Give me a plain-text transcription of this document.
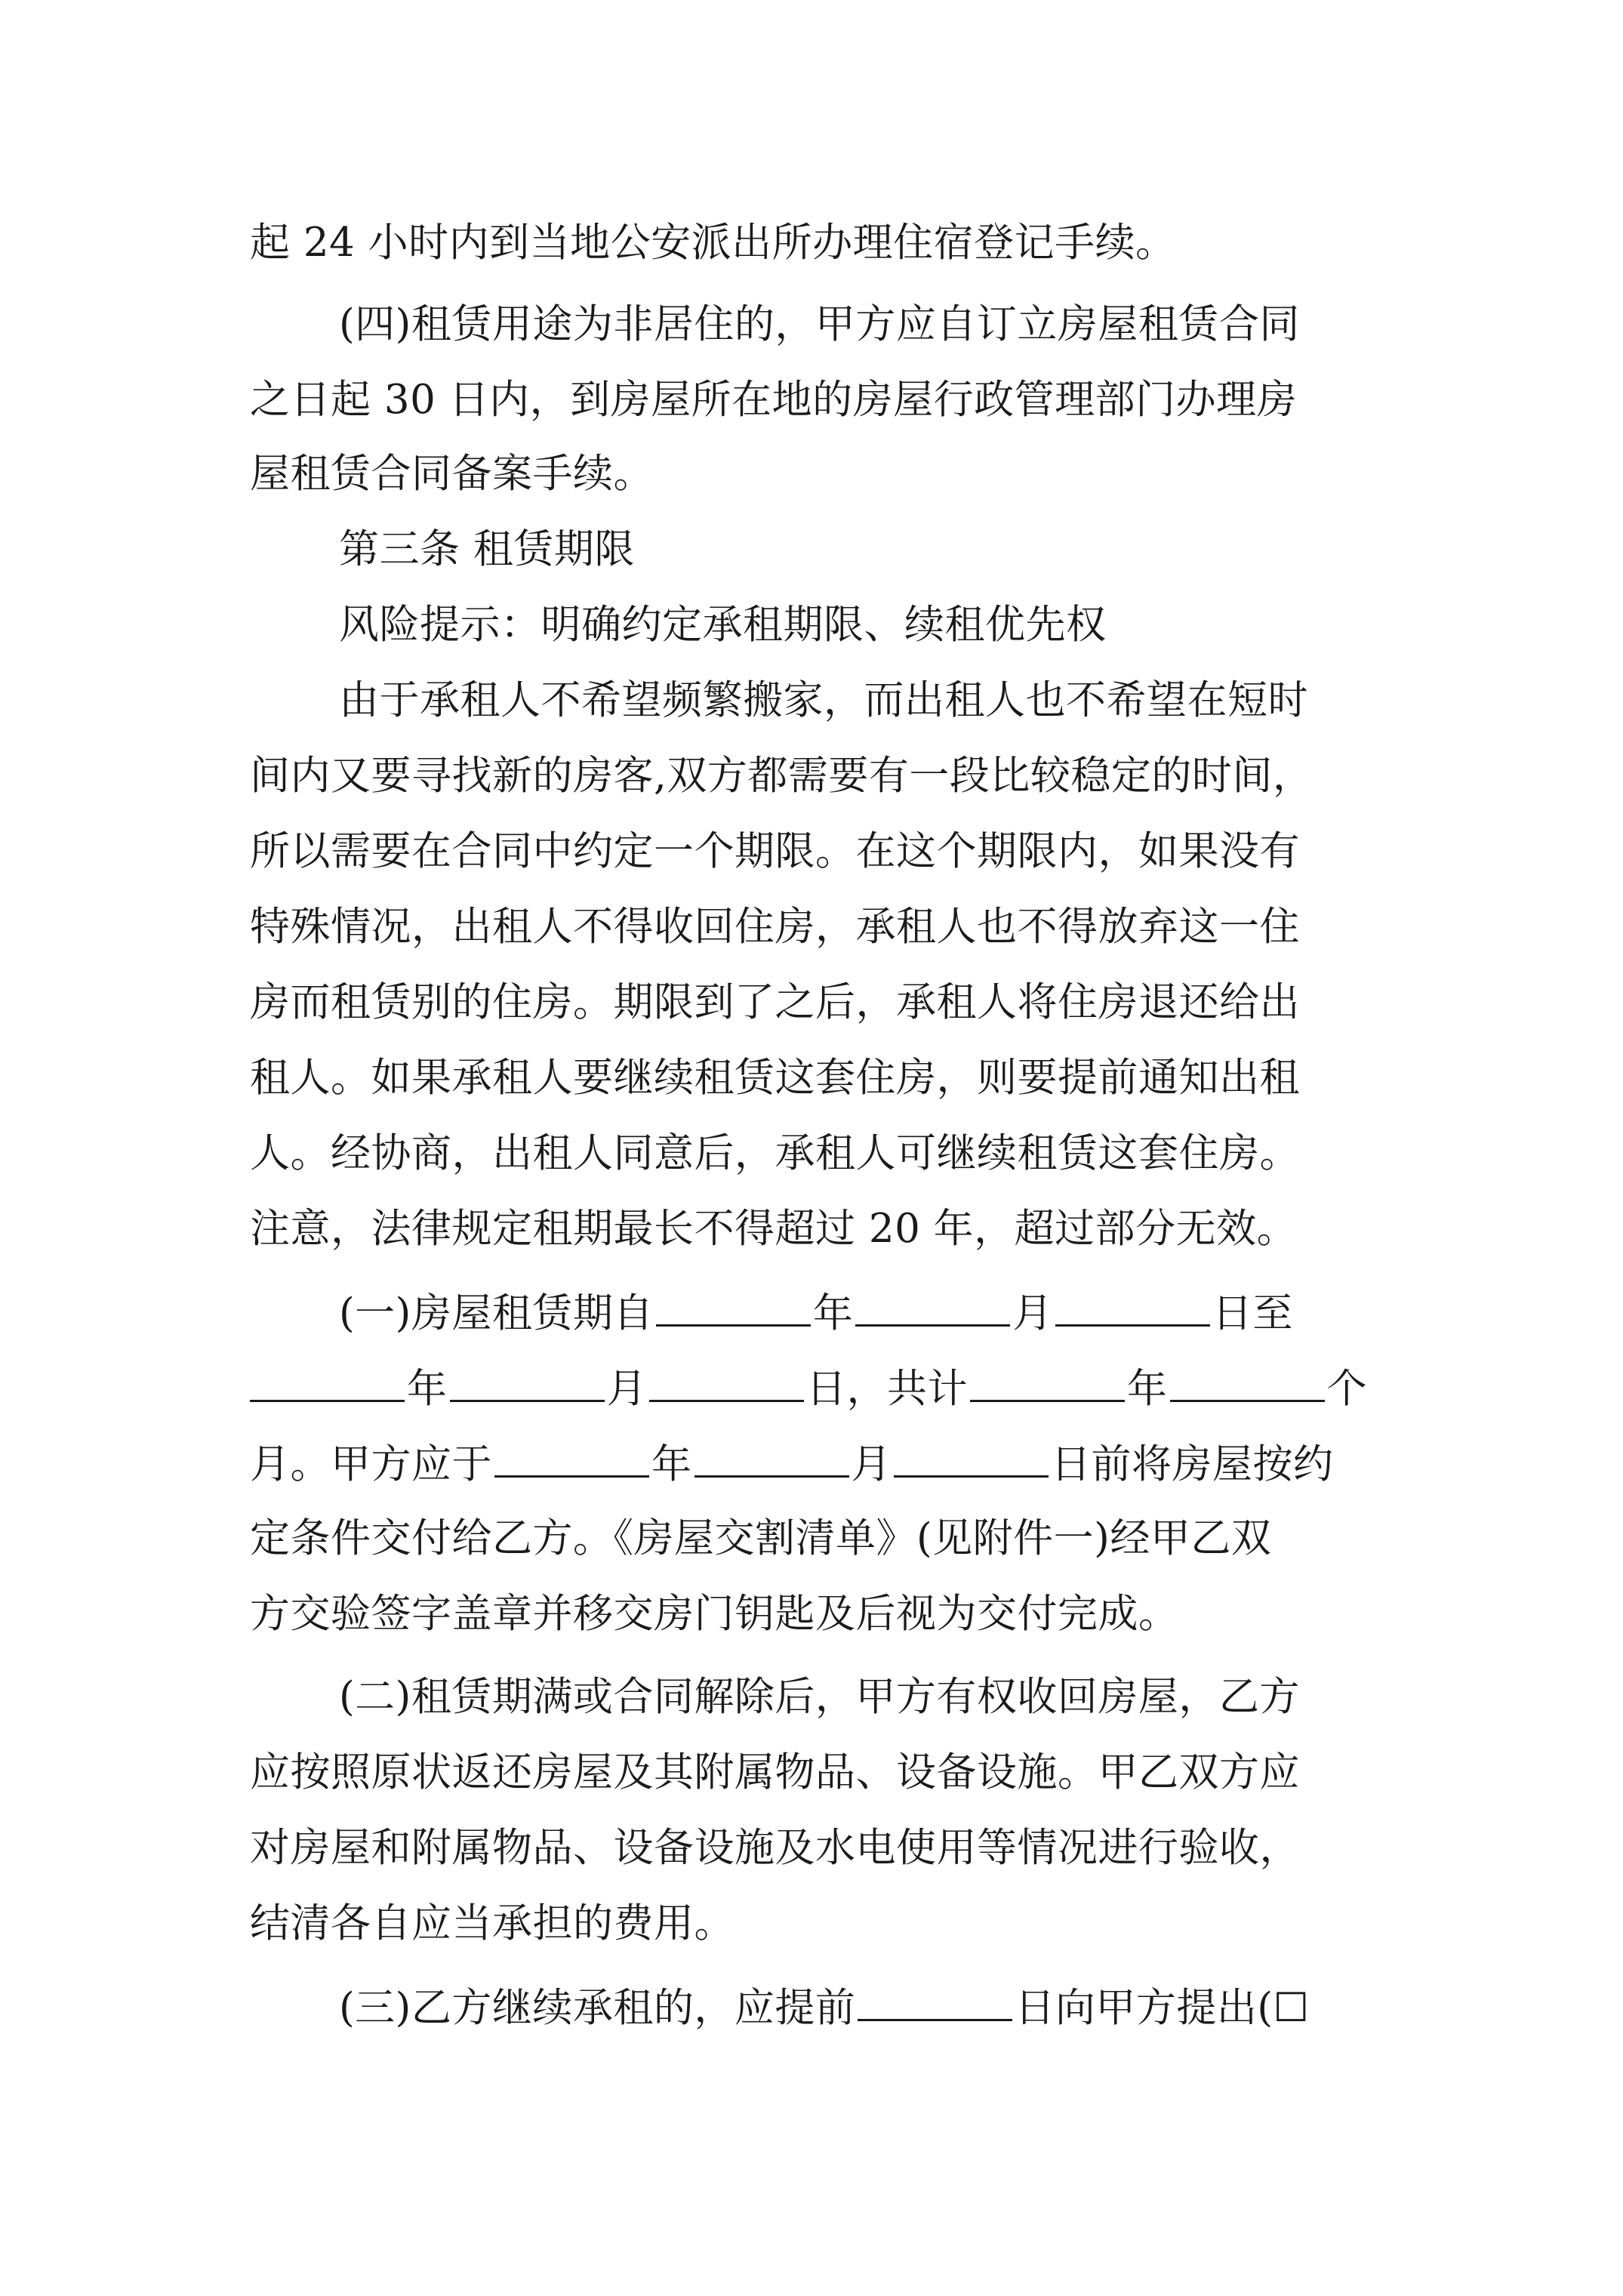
起 24 小时内到当地公安派出所办理住宿登记手续。
(四)租赁用途为非居住的，甲方应自订立房屋租赁合同
之日起 30 日内，到房屋所在地的房屋行政管理部门办理房
屋租赁合同备案手续。
第三条 租赁期限
风险提示：明确约定承租期限、续租优先权
由于承租人不希望频繁搬家，而出租人也不希望在短时
间内又要寻找新的房客,双方都需要有一段比较稳定的时间，
所以需要在合同中约定一个期限。在这个期限内，如果没有
特殊情况，出租人不得收回住房，承租人也不得放弃这一住
房而租赁别的住房。期限到了之后，承租人将住房退还给出
租人。如果承租人要继续租赁这套住房，则要提前通知出租
人。经协商，出租人同意后，承租人可继续租赁这套住房。
注意，法律规定租期最长不得超过 20 年，超过部分无效。
(一)房屋租赁期自	年	月	日至
年	月	日，共计	年	个
月。甲方应于	年	月	日前将房屋按约
定条件交付给乙方。《房屋交割清单》(见附件一)经甲乙双
方交验签字盖章并移交房门钥匙及后视为交付完成。
(二)租赁期满或合同解除后，甲方有权收回房屋，乙方
应按照原状返还房屋及其附属物品、设备设施。甲乙双方应
对房屋和附属物品、设备设施及水电使用等情况进行验收，
结清各自应当承担的费用。
(三)乙方继续承租的，应提前	日向甲方提出(☐
